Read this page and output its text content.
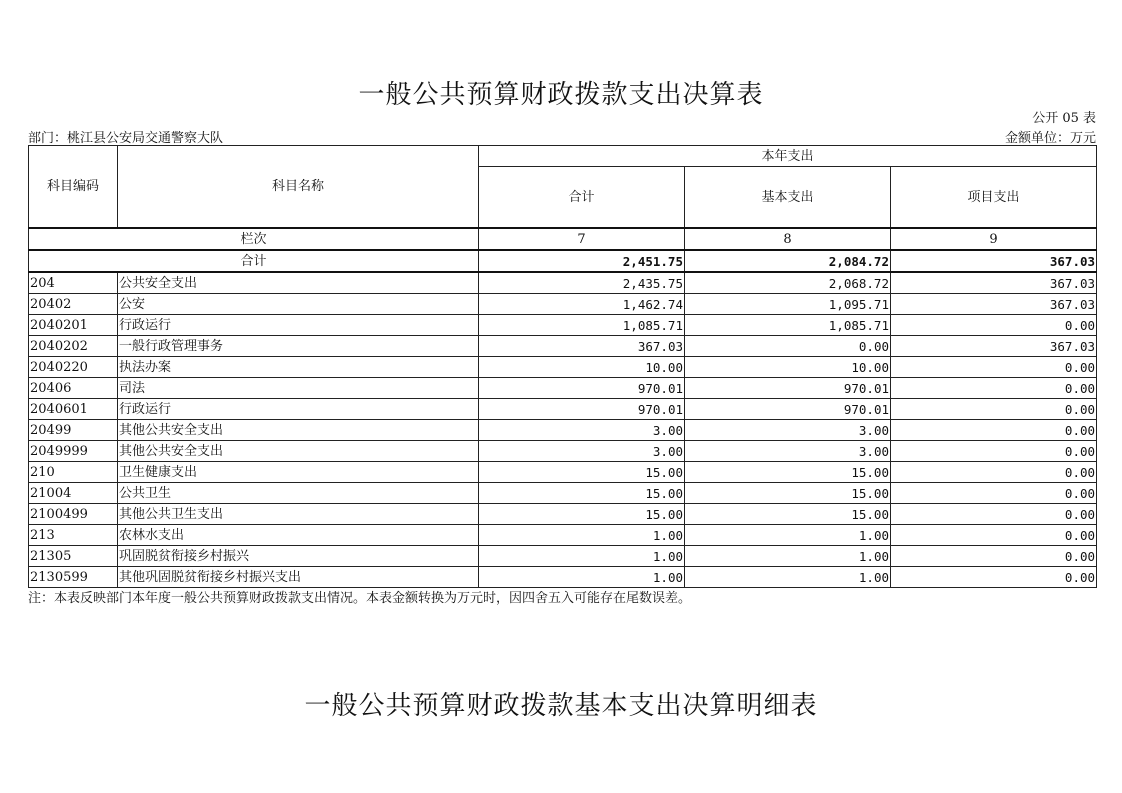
一般公共预算财政拨款支出决算表
公开 05 表
部门：桃江县公安局交通警察大队	金额单位：万元
科目编码	科目名称	本年支出		
		合计	基本支出	项目支出
栏次		7	8	9
合计		2,451.75	2,084.72	367.03
204	公共安全支出	2,435.75	2,068.72	367.03
20402	公安	1,462.74	1,095.71	367.03
2040201	行政运行	1,085.71	1,085.71	0.00
2040202	一般行政管理事务	367.03	0.00	367.03
2040220	执法办案	10.00	10.00	0.00
20406	司法	970.01	970.01	0.00
2040601	行政运行	970.01	970.01	0.00
20499	其他公共安全支出	3.00	3.00	0.00
2049999	其他公共安全支出	3.00	3.00	0.00
210	卫生健康支出	15.00	15.00	0.00
21004	公共卫生	15.00	15.00	0.00
2100499	其他公共卫生支出	15.00	15.00	0.00
213	农林水支出	1.00	1.00	0.00
21305	巩固脱贫衔接乡村振兴	1.00	1.00	0.00
2130599	其他巩固脱贫衔接乡村振兴支出	1.00	1.00	0.00
注：本表反映部门本年度一般公共预算财政拨款支出情况。本表金额转换为万元时，因四舍五入可能存在尾数误差。
一般公共预算财政拨款基本支出决算明细表
